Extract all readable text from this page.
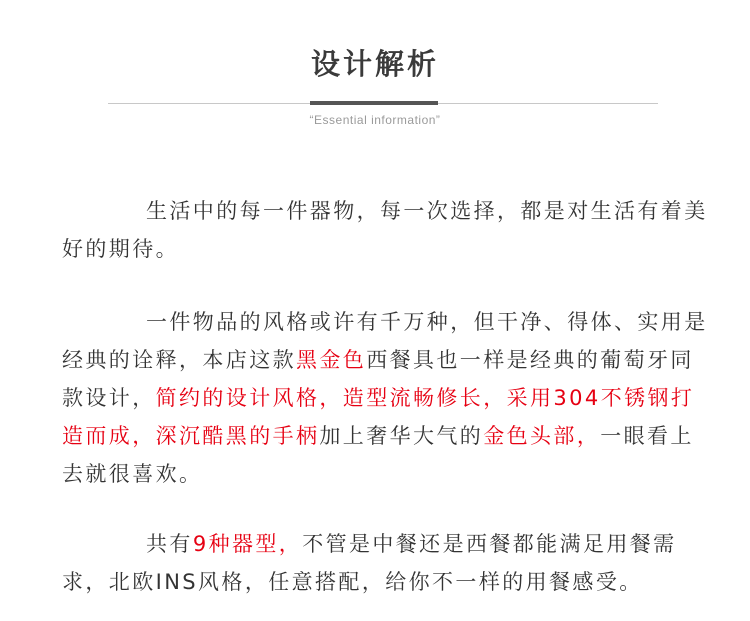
设计解析
“Essential information”

生活中的每一件器物，每一次选择，都是对生活有着美好的期待。

一件物品的风格或许有千万种，但干净、得体、实用是经典的诠释，本店这款黑金色西餐具也一样是经典的葡萄牙同款设计，简约的设计风格，造型流畅修长，采用304不锈钢打造而成，深沉酷黑的手柄加上奢华大气的金色头部，一眼看上去就很喜欢。

共有9种器型，不管是中餐还是西餐都能满足用餐需求，北欧INS风格，任意搭配，给你不一样的用餐感受。
